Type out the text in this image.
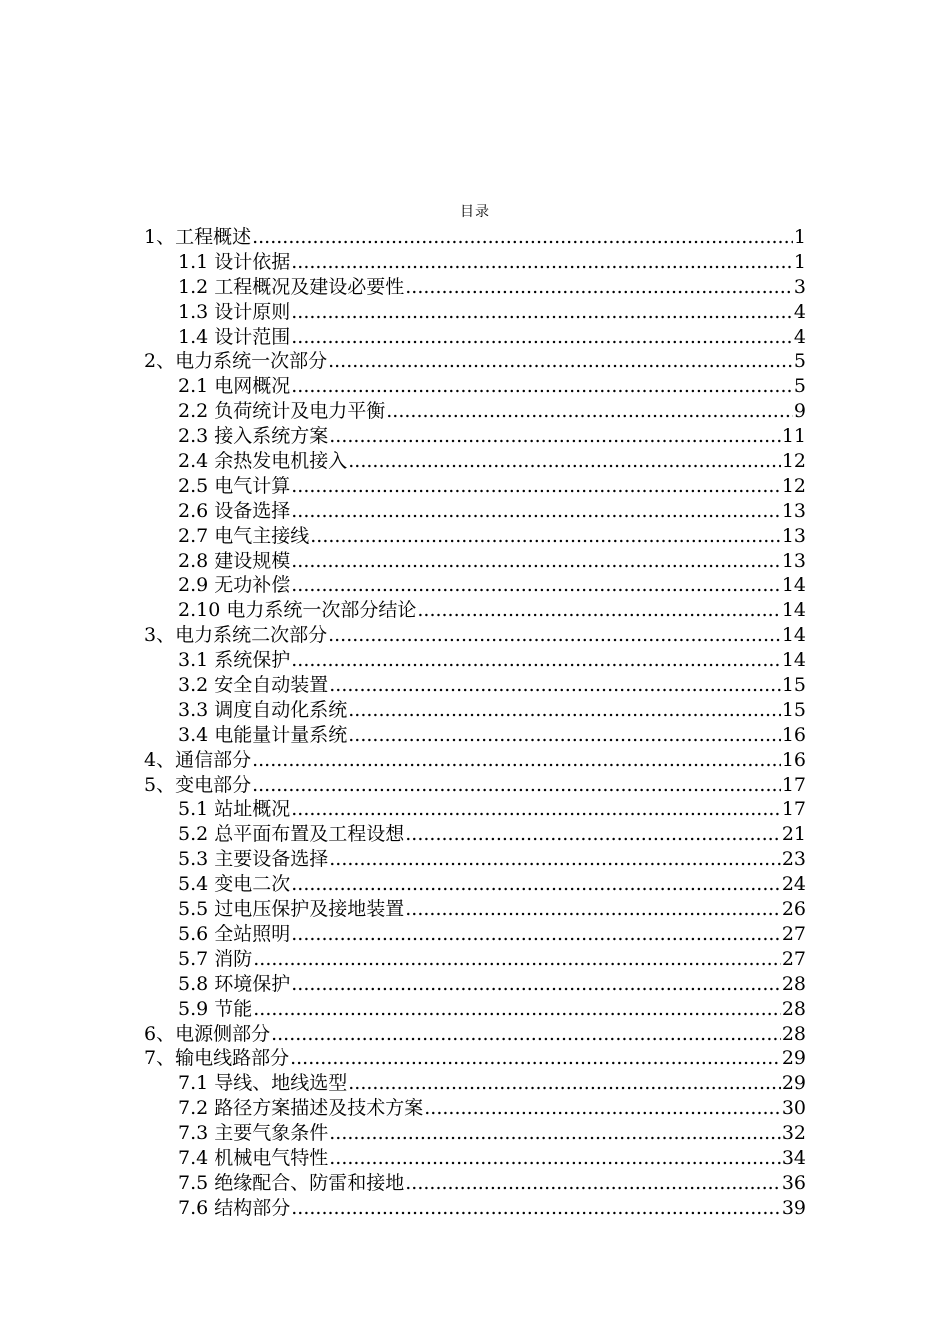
目录
1、工程概述 .....	1
1.1 设计依据 .....	1
1.2 工程概况及建设必要性 .....	3
1.3 设计原则 .....	4
1.4 设计范围 .....	4
2、电力系统一次部分 .....	5
2.1 电网概况 .....	5
2.2 负荷统计及电力平衡 .....	9
2.3 接入系统方案 .....	11
2.4 余热发电机接入 .....	12
2.5 电气计算 .....	12
2.6 设备选择 .....	13
2.7 电气主接线 .....	13
2.8 建设规模 .....	13
2.9 无功补偿 .....	14
2.10 电力系统一次部分结论 .....	14
3、电力系统二次部分 .....	14
3.1 系统保护 .....	14
3.2 安全自动装置 .....	15
3.3 调度自动化系统 .....	15
3.4 电能量计量系统 .....	16
4、通信部分 .....	16
5、变电部分 .....	17
5.1 站址概况 .....	17
5.2 总平面布置及工程设想 .....	21
5.3 主要设备选择 .....	23
5.4 变电二次 .....	24
5.5 过电压保护及接地装置 .....	26
5.6 全站照明 .....	27
5.7 消防 .....	27
5.8 环境保护 .....	28
5.9 节能 .....	28
6、电源侧部分 .....	28
7、输电线路部分 .....	29
7.1 导线、地线选型 .....	29
7.2 路径方案描述及技术方案 .....	30
7.3 主要气象条件 .....	32
7.4 机械电气特性 .....	34
7.5 绝缘配合、防雷和接地 .....	36
7.6 结构部分 .....	39
